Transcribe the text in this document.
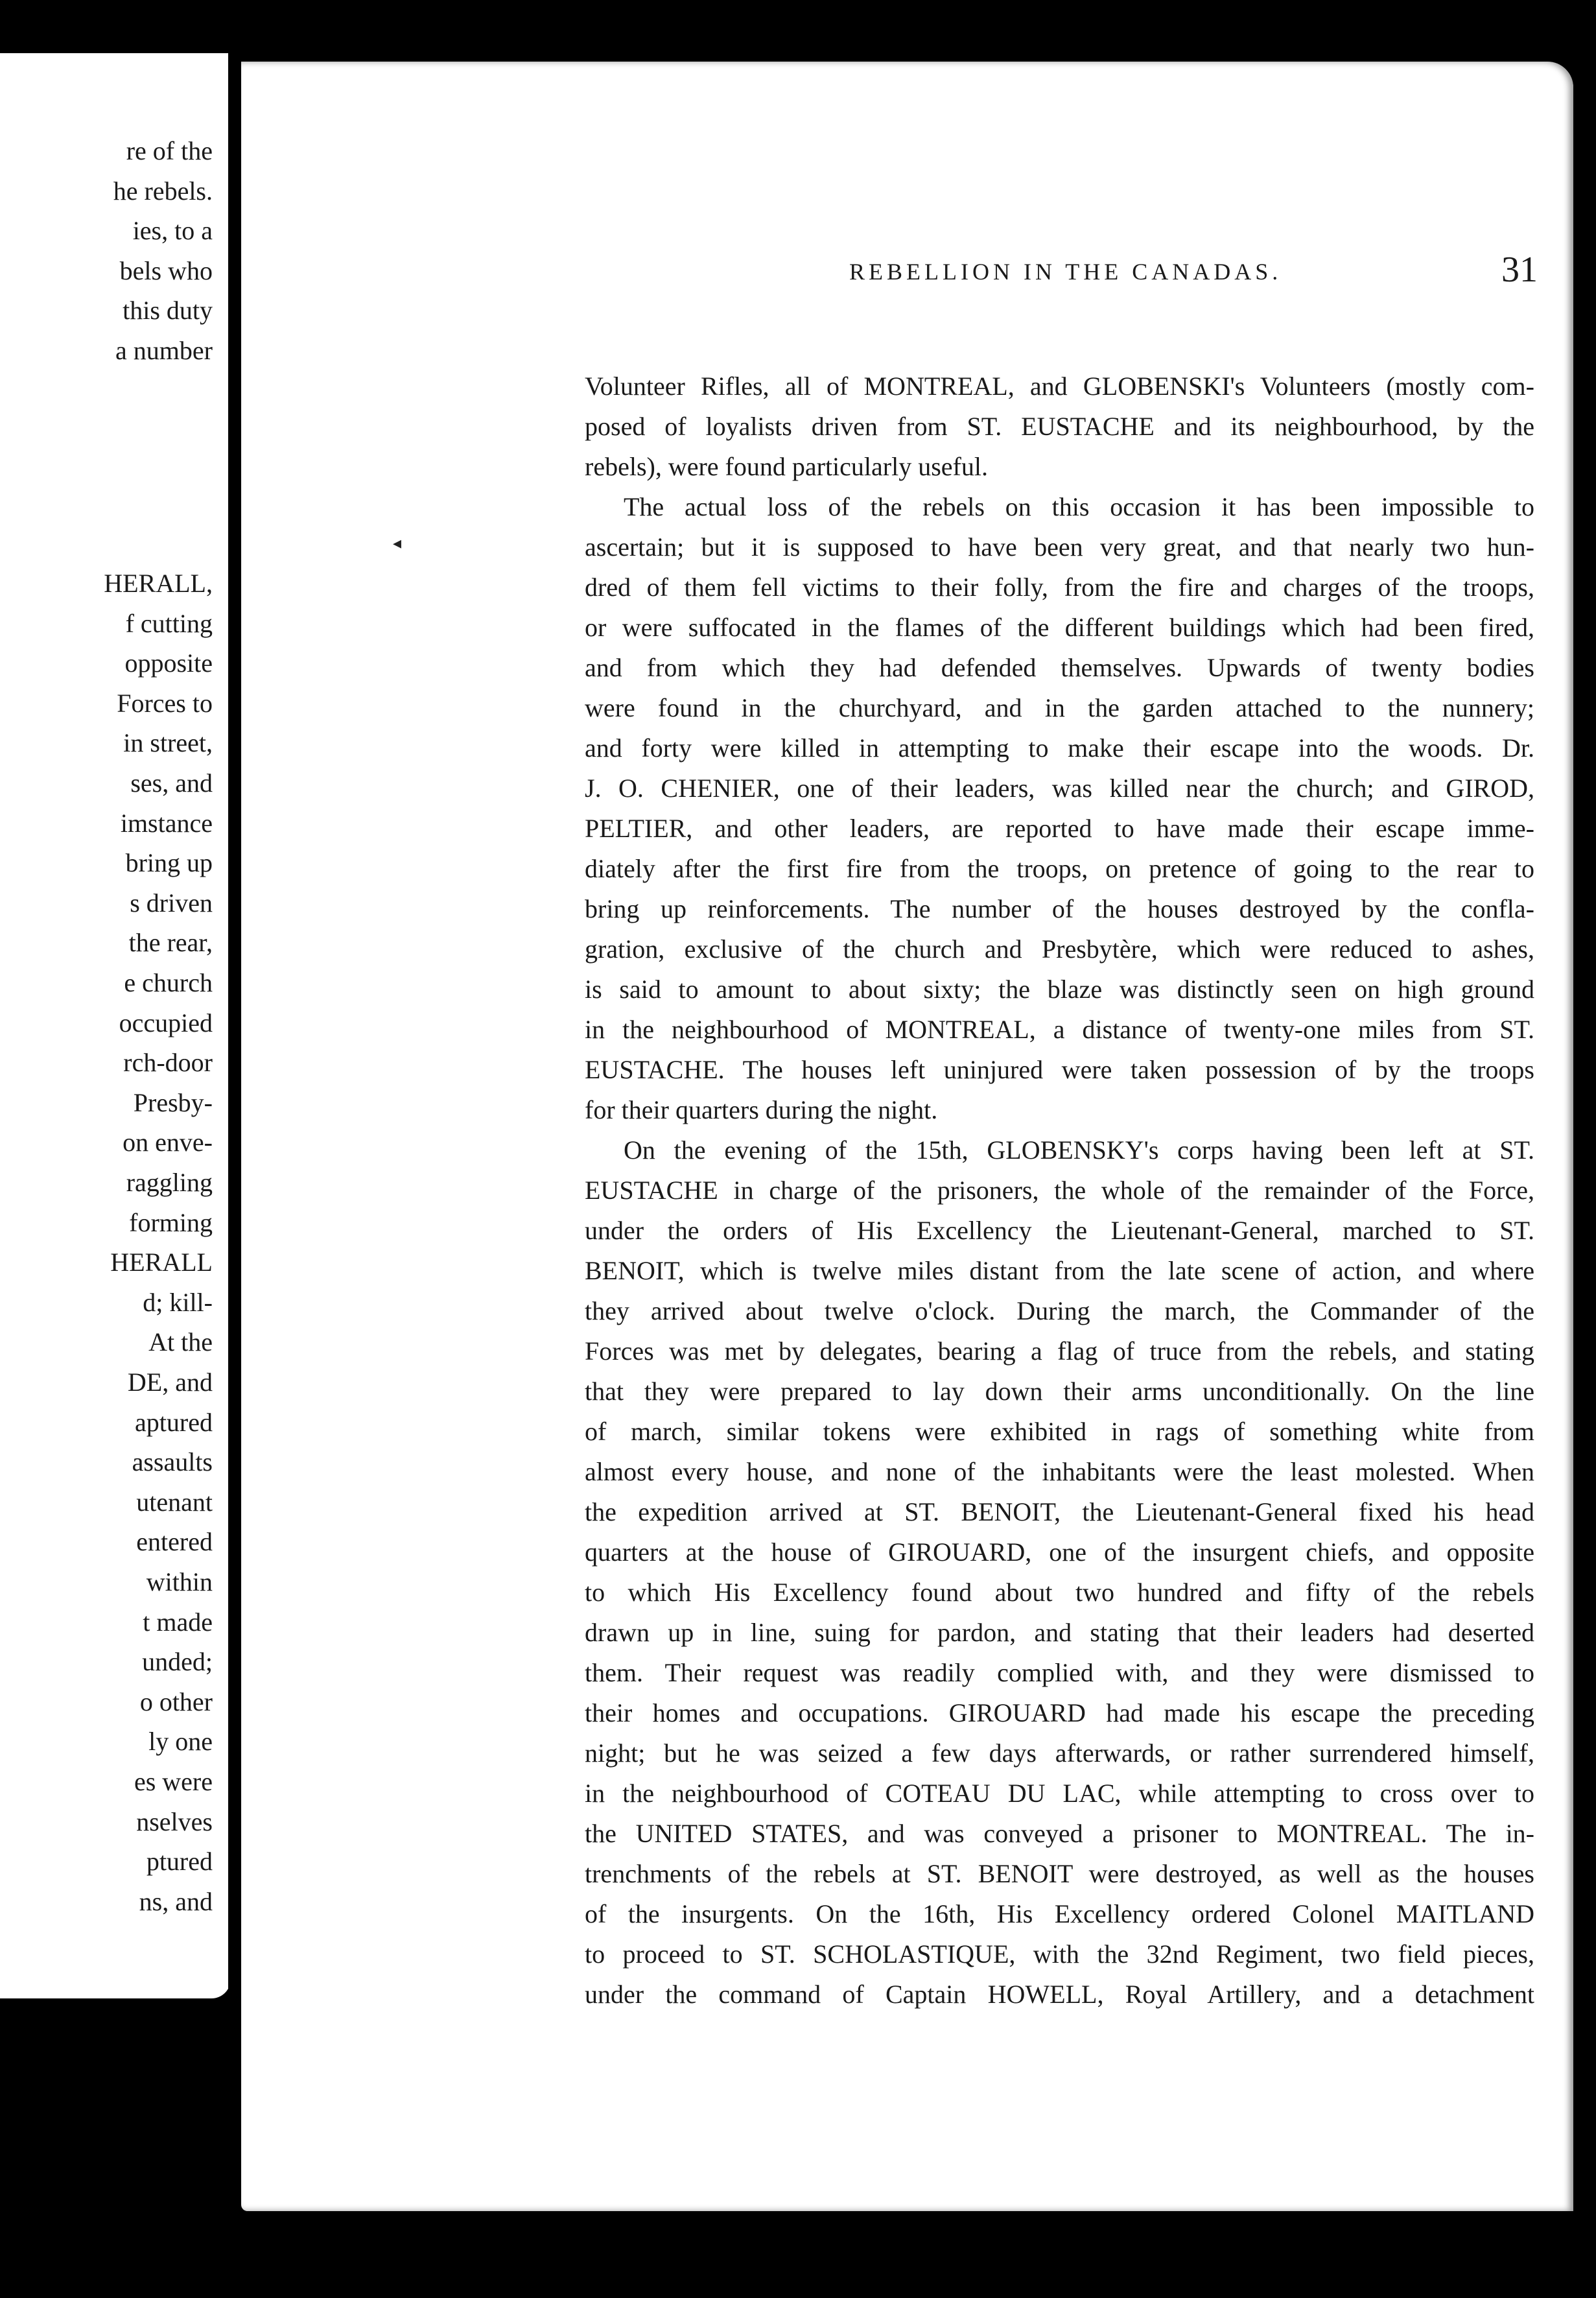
re of the

he rebels.

ies, to a

bels who

this duty

a number

HERALL,

f cutting

opposite

Forces to

in street,

ses, and

imstance

bring up

s driven

the rear,

e church

occupied

rch-door

Presby-

on enve-

raggling

forming

HERALL

d; kill-

At the

DE, and

aptured

assaults

utenant

entered

within

t made

unded;

o other

ly one

es were

nselves

ptured

ns, and

◂
REBELLION IN THE CANADAS.	31

Volunteer Rifles, all of MONTREAL, and GLOBENSKI's Volunteers (mostly com-

posed of loyalists driven from ST. EUSTACHE and its neighbourhood, by the

rebels), were found particularly useful.

The actual loss of the rebels on this occasion it has been impossible to

ascertain; but it is supposed to have been very great, and that nearly two hun-

dred of them fell victims to their folly, from the fire and charges of the troops,

or were suffocated in the flames of the different buildings which had been fired,

and from which they had defended themselves. Upwards of twenty bodies

were found in the churchyard, and in the garden attached to the nunnery;

and forty were killed in attempting to make their escape into the woods. Dr.

J. O. CHENIER, one of their leaders, was killed near the church; and GIROD,

PELTIER, and other leaders, are reported to have made their escape imme-

diately after the first fire from the troops, on pretence of going to the rear to

bring up reinforcements. The number of the houses destroyed by the confla-

gration, exclusive of the church and Presbytère, which were reduced to ashes,

is said to amount to about sixty; the blaze was distinctly seen on high ground

in the neighbourhood of MONTREAL, a distance of twenty-one miles from ST.

EUSTACHE. The houses left uninjured were taken possession of by the troops

for their quarters during the night.

On the evening of the 15th, GLOBENSKY's corps having been left at ST.

EUSTACHE in charge of the prisoners, the whole of the remainder of the Force,

under the orders of His Excellency the Lieutenant-General, marched to ST.

BENOIT, which is twelve miles distant from the late scene of action, and where

they arrived about twelve o'clock. During the march, the Commander of the

Forces was met by delegates, bearing a flag of truce from the rebels, and stating

that they were prepared to lay down their arms unconditionally. On the line

of march, similar tokens were exhibited in rags of something white from

almost every house, and none of the inhabitants were the least molested. When

the expedition arrived at ST. BENOIT, the Lieutenant-General fixed his head

quarters at the house of GIROUARD, one of the insurgent chiefs, and opposite

to which His Excellency found about two hundred and fifty of the rebels

drawn up in line, suing for pardon, and stating that their leaders had deserted

them. Their request was readily complied with, and they were dismissed to

their homes and occupations. GIROUARD had made his escape the preceding

night; but he was seized a few days afterwards, or rather surrendered himself,

in the neighbourhood of COTEAU DU LAC, while attempting to cross over to

the UNITED STATES, and was conveyed a prisoner to MONTREAL. The in-

trenchments of the rebels at ST. BENOIT were destroyed, as well as the houses

of the insurgents. On the 16th, His Excellency ordered Colonel MAITLAND

to proceed to ST. SCHOLASTIQUE, with the 32nd Regiment, two field pieces,

under the command of Captain HOWELL, Royal Artillery, and a detachment
